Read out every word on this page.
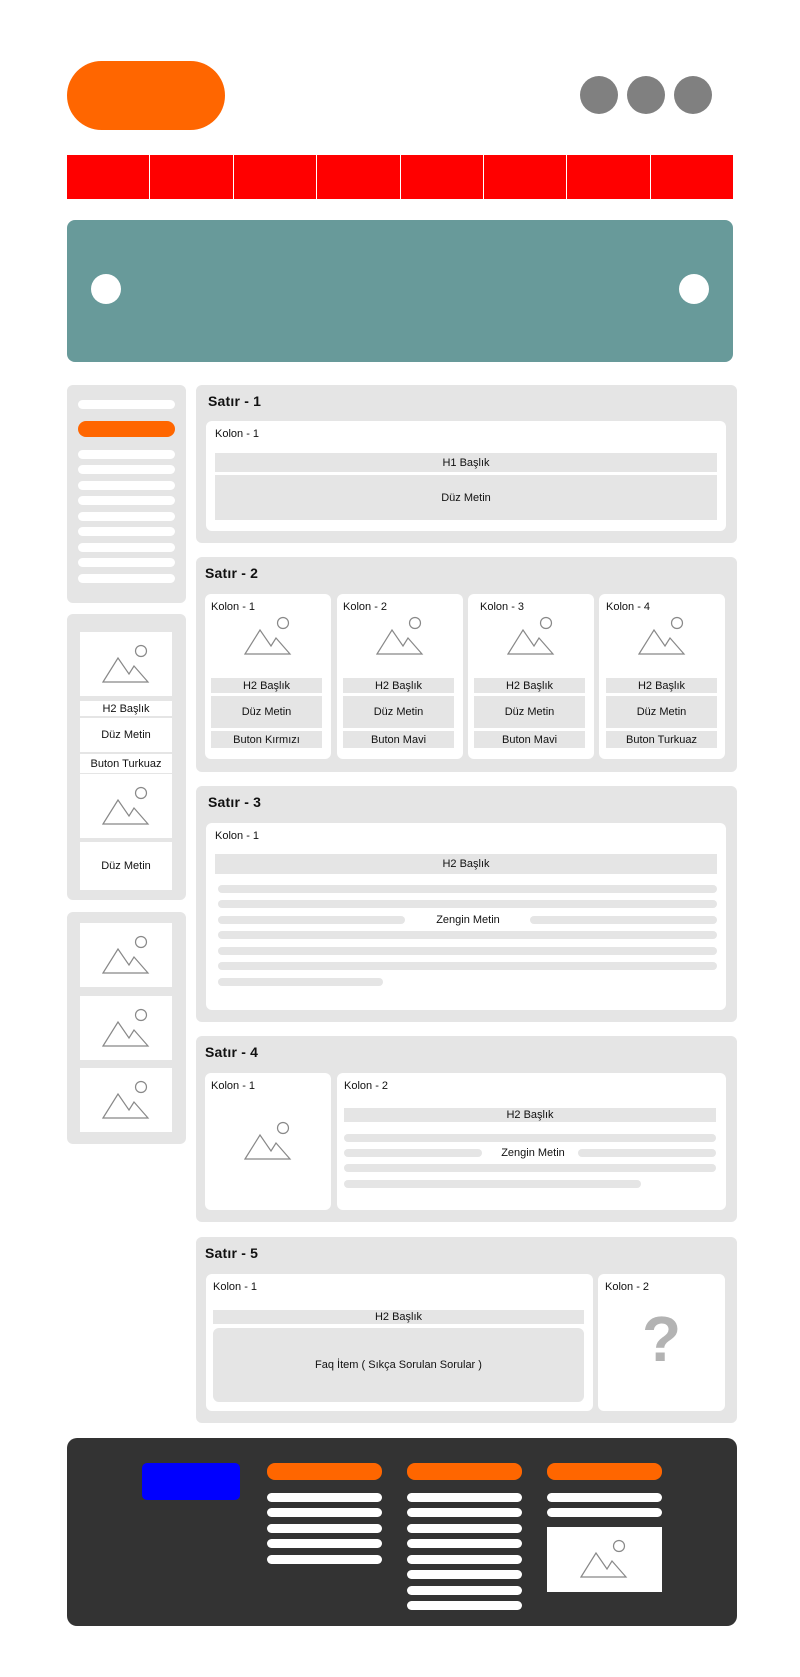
H2 Başlık
Düz Metin
Buton Turkuaz
Düz Metin
Satır - 1
Kolon - 1
H1 Başlık
Düz Metin
Satır - 2
Kolon - 1
H2 Başlık
Düz Metin
Buton Kırmızı
Kolon - 2
H2 Başlık
Düz Metin
Buton Mavi
Kolon - 3
H2 Başlık
Düz Metin
Buton Mavi
Kolon - 4
H2 Başlık
Düz Metin
Buton Turkuaz
Satır - 3
Kolon - 1
H2 Başlık
Zengin Metin
Satır - 4
Kolon - 1	Kolon - 2
H2 Başlık
Zengin Metin
Satır - 5
Kolon - 1
H2 Başlık
Faq İtem ( Sıkça Sorulan Sorular )
Kolon - 2
?
